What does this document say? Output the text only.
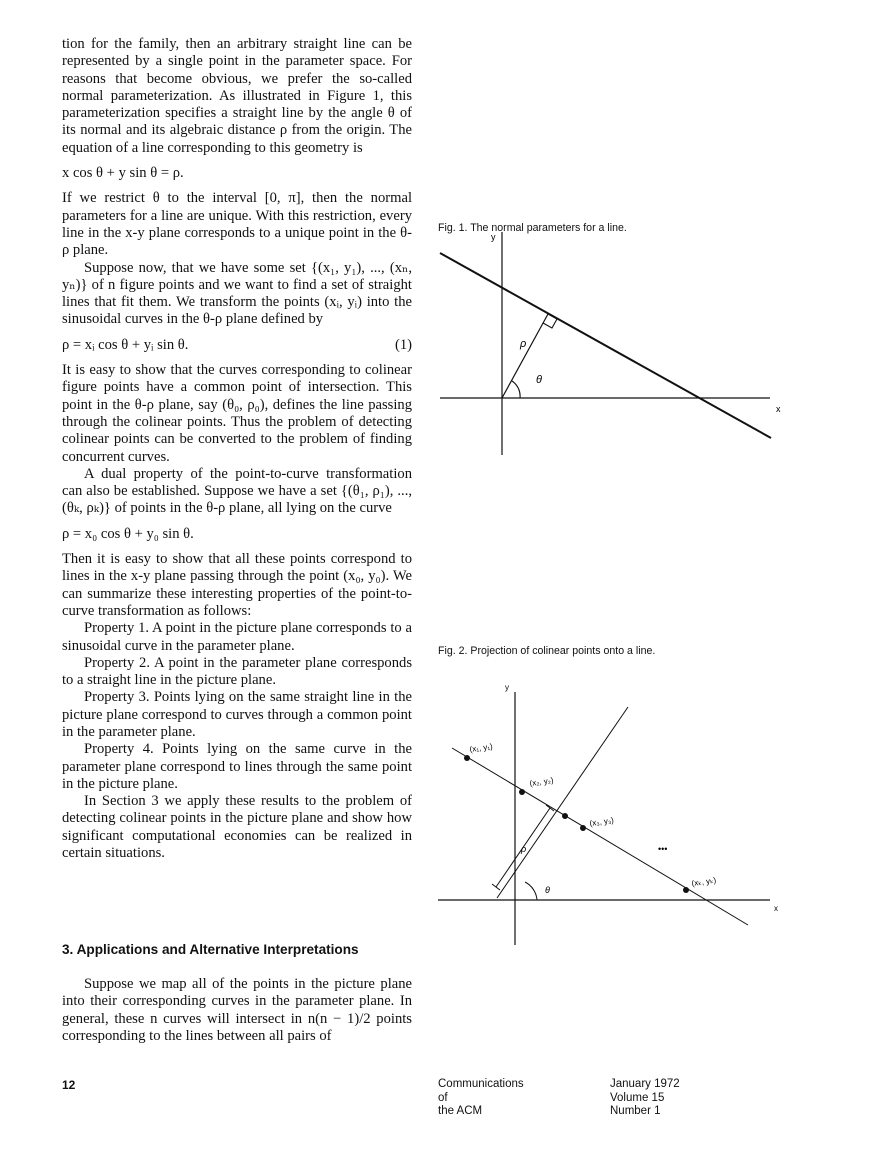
tion for the family, then an arbitrary straight line can be represented by a single point in the parameter space. For reasons that become obvious, we prefer the so-called normal parameterization. As illustrated in Figure 1, this parameterization specifies a straight line by the angle θ of its normal and its algebraic distance ρ from the origin. The equation of a line corresponding to this geometry is

x cos θ + y sin θ = ρ.

If we restrict θ to the interval [0, π], then the normal parameters for a line are unique. With this restriction, every line in the x-y plane corresponds to a unique point in the θ-ρ plane.

Suppose now, that we have some set {(x₁, y₁), ..., (xₙ, yₙ)} of n figure points and we want to find a set of straight lines that fit them. We transform the points (xᵢ, yᵢ) into the sinusoidal curves in the θ-ρ plane defined by

ρ = xᵢ cos θ + yᵢ sin θ.	(1)

It is easy to show that the curves corresponding to colinear figure points have a common point of intersection. This point in the θ-ρ plane, say (θ₀, ρ₀), defines the line passing through the colinear points. Thus the problem of detecting colinear points can be converted to the problem of finding concurrent curves.

A dual property of the point-to-curve transformation can also be established. Suppose we have a set {(θ₁, ρ₁), ..., (θₖ, ρₖ)} of points in the θ-ρ plane, all lying on the curve

ρ = x₀ cos θ + y₀ sin θ.

Then it is easy to show that all these points correspond to lines in the x-y plane passing through the point (x₀, y₀). We can summarize these interesting properties of the point-to-curve transformation as follows:

Property 1. A point in the picture plane corresponds to a sinusoidal curve in the parameter plane.

Property 2. A point in the parameter plane corresponds to a straight line in the picture plane.

Property 3. Points lying on the same straight line in the picture plane correspond to curves through a common point in the parameter plane.

Property 4. Points lying on the same curve in the parameter plane correspond to lines through the same point in the picture plane.

In Section 3 we apply these results to the problem of detecting colinear points in the picture plane and show how significant computational economies can be realized in certain situations.

3. Applications and Alternative Interpretations

Suppose we map all of the points in the picture plane into their corresponding curves in the parameter plane. In general, these n curves will intersect in n(n − 1)/2 points corresponding to the lines between all pairs of

Fig. 1. The normal parameters for a line.
y
x
ρ
θ
Fig. 2. Projection of colinear points onto a line.
y
x
(x₁, y₁)
(x₂, y₂)
(x₃, y₃)
(xₖ, yₖ)
•••
ρ
θ
12	Communications
of
the ACM
January 1972
Volume 15
Number 1
